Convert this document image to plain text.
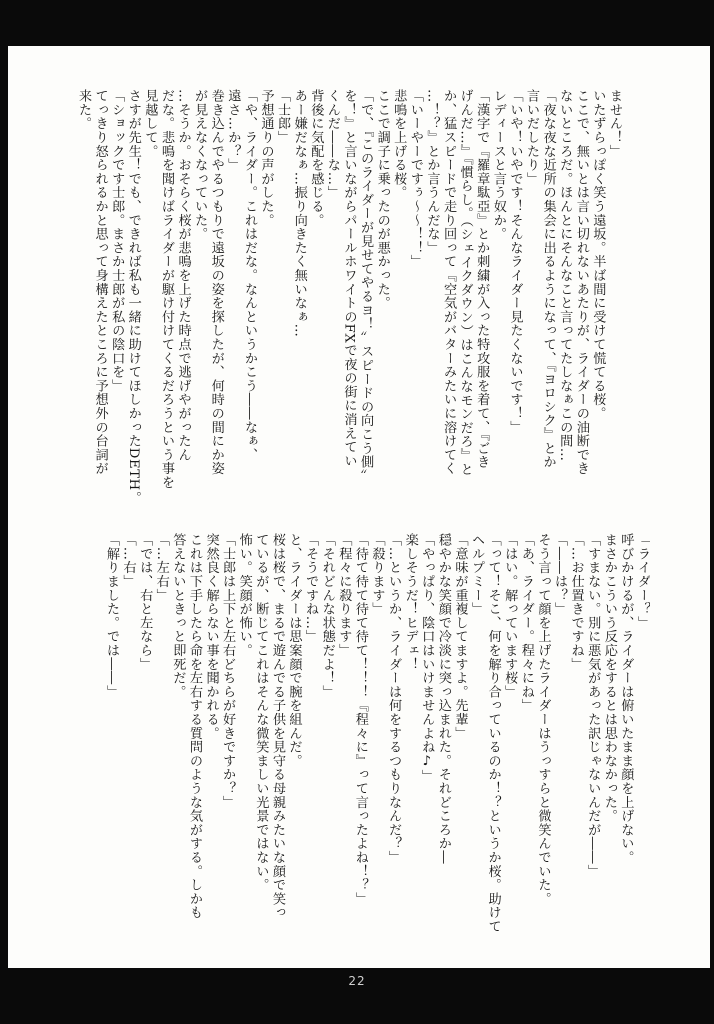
ません！」

いたずらっぽく笑う遠坂。半ば間に受けて慌てる桜。

ここで、無いとは言い切れないあたりが、ライダーの油断でき

ないところだ。ほんとにそんなこと言ってたしなぁこの間…

「夜な夜な近所の集会に出るようになって、『ヨロシク』とか

言いだしたり」

「いや！いやです！そんなライダー見たくないです！」

レディースと言う奴か。

「漢字で『羅章駄亞』とか刺繍が入った特攻服を着て、『ごき

げんだ…』『慣らし。（シェイクダウン）はこんなモンだろ』と

か、猛スピードで走り回って『空気がバターみたいに溶けてく

…！？』とか言うんだな」

「いーやーですぅ～～！！」

悲鳴を上げる桜。

ここで調子に乗ったのが悪かった。

「で、『このライダーが見せてやるヨ！〟スピードの向こう側〟

を！』と言いながらパールホワイトのFXで夜の街に消えてい

くんだ――な…」

背後に気配を感じる。

あー嫌だなぁ…振り向きたく無いなぁ…

「士郎」

予想通りの声がした。

「や、ライダー。これはだな。なんというかこう――なぁ、

遠さ…か？」

巻き込んでやるつもりで遠坂の姿を探したが、何時の間にか姿

が見えなくなっていた。

…そうか。おそらく桜が悲鳴を上げた時点で逃げやがったん

だな。悲鳴を聞けばライダーが駆け付けてくるだろうという事を

見越して。

さすが先生！でも、できれば私も一緒に助けてほしかったDETH。

「ショックです士郎。まさか士郎が私の陰口を」

てっきり怒られるかと思って身構えたところに予想外の台詞が

来た。

「ライダー？」

呼びかけるが、ライダーは俯いたまま顔を上げない。

まさかこういう反応をするとは思わなかった。

「すまない。別に悪気があった訳じゃないんだが――」

「…お仕置きですね」

「――は？」

そう言って顔を上げたライダーはうっすらと微笑んでいた。

「あ、ライダー。程々にね」

「はい。解っています桜」

「って！そこ、何を解り合っているのか！？というか桜。助けて

ヘルプミー」

「意味が重複してますよ。先輩」

穏やかな笑顔で冷淡に突っ込まれた。それどころか―

「やっぱり、陰口はいけませんよね♪」

楽しそうだ！ヒデェ！

「…というか、ライダーは何をするつもりなんだ？」

「殺ります」

「待て待て待て待て！！！『程々に』って言ったよね！？」

「程々に殺ります」

「それどんな状態だよ！」

「そうですね…」

と、ライダーは思案顔で腕を組んだ。

桜は桜で、まるで遊んでる子供を見守る母親みたいな顔で笑っ

ているが、断じてこれはそんな微笑ましい光景ではない。

怖い。笑顔が怖い。

「士郎は上下と左右どちらが好きですか？」

突然良く解らない事を聞かれる。

これは下手したら命を左右する質問のような気がする。しかも

答えないときっと即死だ。

「…左右」

「では、右と左なら」

「…右」

「解りました。では――」

22
